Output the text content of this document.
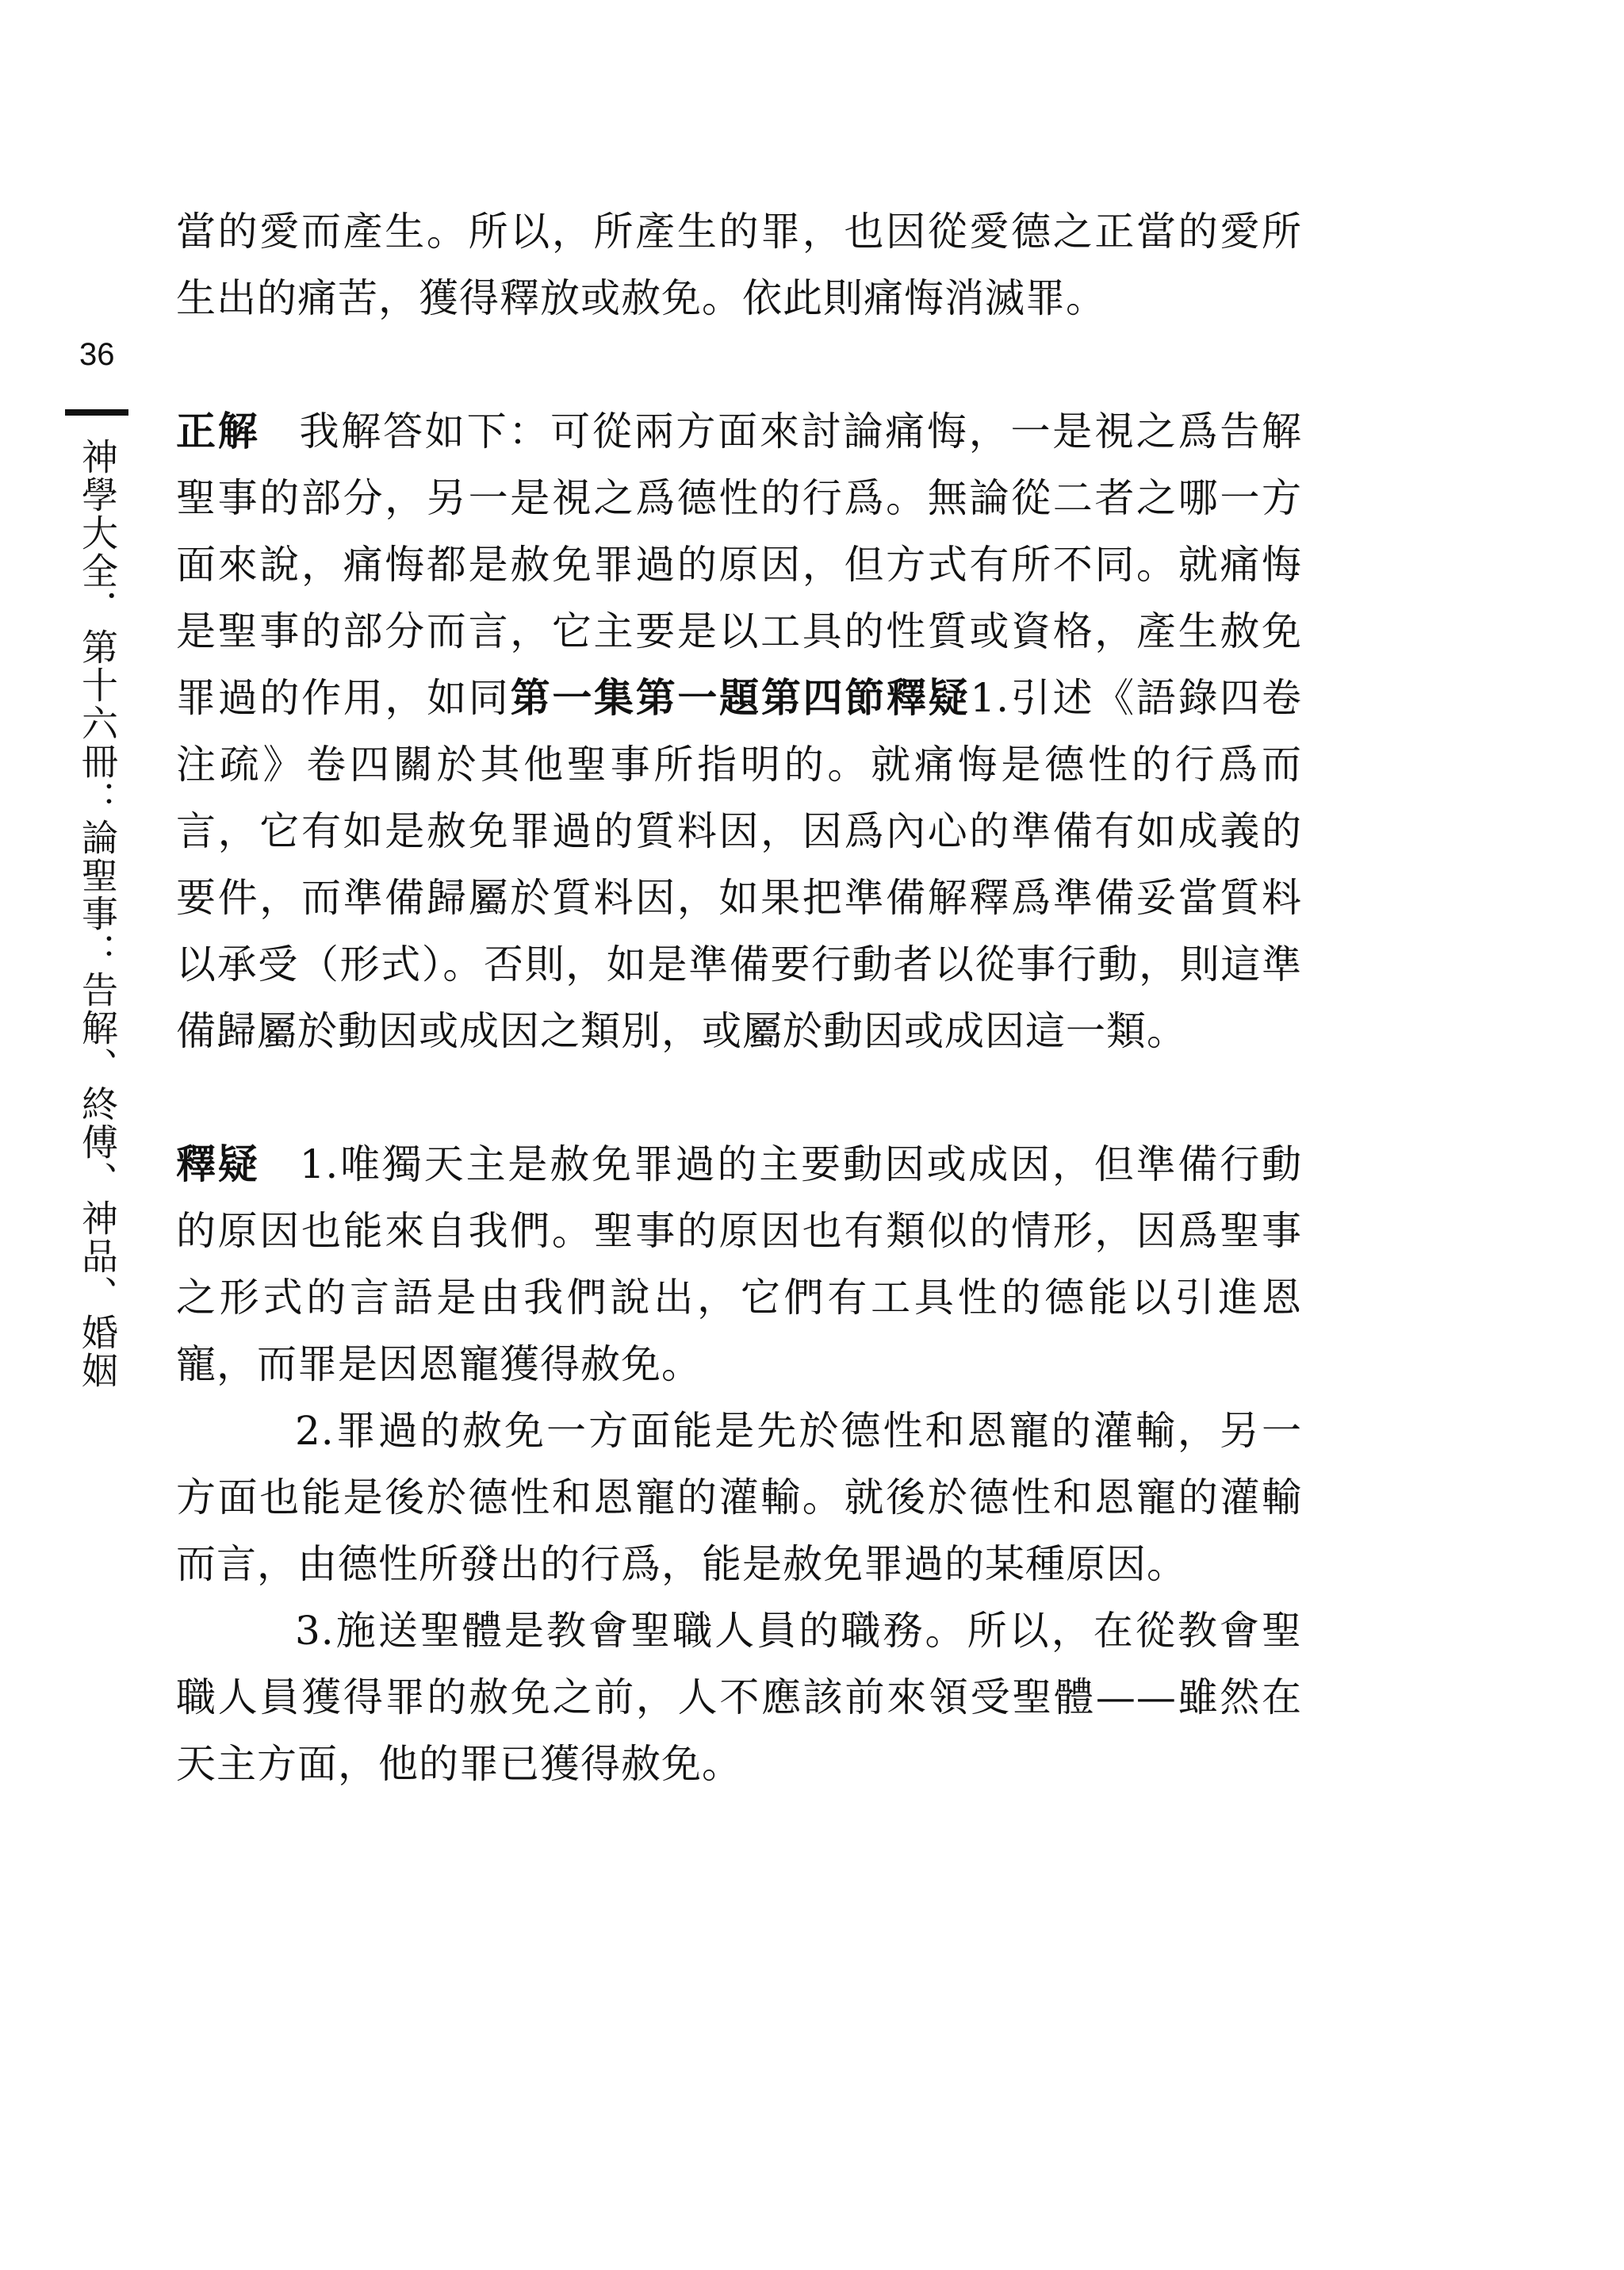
36
神學大全．第十六冊：論聖事：告解、終傅、神品、婚姻

當的愛而產生。所以，所產生的罪，也因從愛德之正當的愛所生出的痛苦，獲得釋放或赦免。依此則痛悔消滅罪。

正解 我解答如下：可從兩方面來討論痛悔，一是視之爲告解聖事的部分，另一是視之爲德性的行爲。無論從二者之哪一方面來說，痛悔都是赦免罪過的原因，但方式有所不同。就痛悔是聖事的部分而言，它主要是以工具的性質或資格，產生赦免罪過的作用，如同第一集第一題第四節釋疑1.引述《語錄四卷注疏》卷四關於其他聖事所指明的。就痛悔是德性的行爲而言，它有如是赦免罪過的質料因，因爲內心的準備有如成義的要件，而準備歸屬於質料因，如果把準備解釋爲準備妥當質料以承受（形式）。否則，如是準備要行動者以從事行動，則這準備歸屬於動因或成因之類別，或屬於動因或成因這一類。

釋疑 1.唯獨天主是赦免罪過的主要動因或成因，但準備行動的原因也能來自我們。聖事的原因也有類似的情形，因爲聖事之形式的言語是由我們說出，它們有工具性的德能以引進恩寵，而罪是因恩寵獲得赦免。

2.罪過的赦免一方面能是先於德性和恩寵的灌輸，另一方面也能是後於德性和恩寵的灌輸。就後於德性和恩寵的灌輸而言，由德性所發出的行爲，能是赦免罪過的某種原因。

3.施送聖體是教會聖職人員的職務。所以，在從教會聖職人員獲得罪的赦免之前，人不應該前來領受聖體——雖然在天主方面，他的罪已獲得赦免。
